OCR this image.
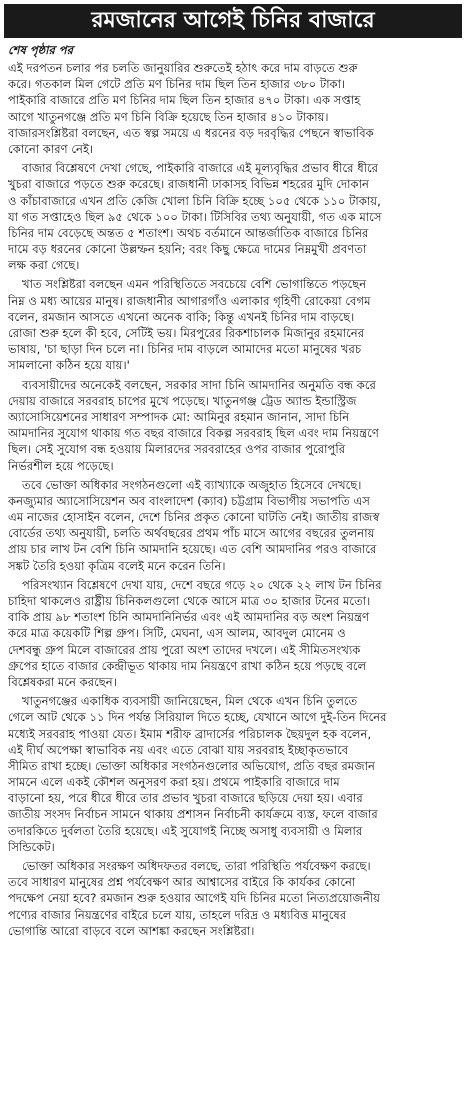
রমজানের আগেই চিনির বাজারে
শেষ পৃষ্ঠার পর
এই দরপতন চলার পর চলতি জানুয়ারির শুরুতেই হঠাৎ করে দাম বাড়তে শুরু
করে। গতকাল মিল গেটে প্রতি মণ চিনির দাম ছিল তিন হাজার ৩৮০ টাকা।
পাইকারি বাজারে প্রতি মণ চিনির দাম ছিল তিন হাজার ৪৭০ টাকা। এক সপ্তাহ
আগে খাতুনগঞ্জে প্রতি মণ চিনি বিক্রি হয়েছে তিন হাজার ৪১০ টাকায়।
বাজারসংশ্লিষ্টরা বলছেন, এত স্বল্প সময়ে এ ধরনের বড় দরবৃদ্ধির পেছনে স্বাভাবিক
কোনো কারণ নেই।
বাজার বিশ্লেষণে দেখা গেছে, পাইকারি বাজারে এই মূল্যবৃদ্ধির প্রভাব ধীরে ধীরে
খুচরা বাজারে পড়তে শুরু করেছে। রাজধানী ঢাকাসহ বিভিন্ন শহরের মুদি দোকান
ও কাঁচাবাজারে এখন প্রতি কেজি খোলা চিনি বিক্রি হচ্ছে ১০৫ থেকে ১১০ টাকায়,
যা গত সপ্তাহেও ছিল ৯৫ থেকে ১০০ টাকা। টিসিবির তথ্য অনুযায়ী, গত এক মাসে
চিনির দাম বেড়েছে অন্তত ৫ শতাংশ। অথচ বর্তমানে আন্তর্জাতিক বাজারে চিনির
দামে বড় ধরনের কোনো উল্লম্ফন হয়নি; বরং কিছু ক্ষেত্রে দামের নিম্নমুখী প্রবণতা
লক্ষ করা গেছে।
খাত সংশ্লিষ্টরা বলছেন এমন পরিস্থিতিতে সবচেয়ে বেশি ভোগান্তিতে পড়ছেন
নিম্ন ও মধ্য আয়ের মানুষ। রাজধানীর আগারগাঁও এলাকার গৃহিণী রোকেয়া বেগম
বলেন, রমজান আসতে এখনো অনেক বাকি; কিন্তু এখনই চিনির দাম বাড়ছে।
রোজা শুরু হলে কী হবে, সেটিই ভয়। মিরপুরের রিকশাচালক মিজানুর রহমানের
ভাষায়, 'চা ছাড়া দিন চলে না। চিনির দাম বাড়লে আমাদের মতো মানুষের খরচ
সামলানো কঠিন হয়ে যায়।'
ব্যবসায়ীদের অনেকেই বলছেন, সরকার সাদা চিনি আমদানির অনুমতি বন্ধ করে
দেয়ায় বাজারে সরবরাহ চাপের মুখে পড়েছে। খাতুনগঞ্জ ট্রেড অ্যান্ড ইন্ডাস্ট্রিজ
অ্যাসোসিয়েশনের সাধারণ সম্পাদক মো: আমিনুর রহমান জানান, সাদা চিনি
আমদানির সুযোগ থাকায় গত বছর বাজারে বিকল্প সরবরাহ ছিল এবং দাম নিয়ন্ত্রণে
ছিল। সেই সুযোগ বন্ধ হওয়ায় মিলারদের সরবরাহের ওপর বাজার পুরোপুরি
নির্ভরশীল হয়ে পড়েছে।
তবে ভোক্তা অধিকার সংগঠনগুলো এই ব্যাখ্যাকে অজুহাত হিসেবে দেখছে।
কনজ্যুমার অ্যাসোসিয়েশন অব বাংলাদেশ (ক্যাব) চট্টগ্রাম বিভাগীয় সভাপতি এস
এম নাজের হোসাইন বলেন, দেশে চিনির প্রকৃত কোনো ঘাটতি নেই। জাতীয় রাজস্ব
বোর্ডের তথ্য অনুযায়ী, চলতি অর্থবছরের প্রথম পাঁচ মাসে আগের বছরের তুলনায়
প্রায় চার লাখ টন বেশি চিনি আমদানি হয়েছে। এত বেশি আমদানির পরও বাজারে
সঙ্কট তৈরি হওয়া কৃত্রিম বলেই মনে করেন তিনি।
পরিসংখ্যান বিশ্লেষণে দেখা যায়, দেশে বছরে গড়ে ২০ থেকে ২২ লাখ টন চিনির
চাহিদা থাকলেও রাষ্ট্রীয় চিনিকলগুলো থেকে আসে মাত্র ৩০ হাজার টনের মতো।
বাকি প্রায় ৯৮ শতাংশ চিনি আমদানিনির্ভর এবং এই আমদানির বড় অংশ নিয়ন্ত্রণ
করে মাত্র কয়েকটি শিল্প গ্রুপ। সিটি, মেঘনা, এস আলম, আবদুল মোনেম ও
দেশবন্ধু গ্রুপ মিলে বাজারের প্রায় পুরো অংশ তাদের দখলে। এই সীমিতসংখ্যক
গ্রুপের হাতে বাজার কেন্দ্রীভূত থাকায় দাম নিয়ন্ত্রণে রাখা কঠিন হয়ে পড়ছে বলে
বিশ্লেষকরা মনে করছেন।
খাতুনগঞ্জের একাধিক ব্যবসায়ী জানিয়েছেন, মিল থেকে এখন চিনি তুলতে
গেলে আট থেকে ১১ দিন পর্যন্ত সিরিয়াল দিতে হচ্ছে, যেখানে আগে দুই-তিন দিনের
মধ্যেই সরবরাহ পাওয়া যেত। ইমাম শরীফ ব্রাদার্সের পরিচালক ছৈয়দুল হক বলেন,
এই দীর্ঘ অপেক্ষা স্বাভাবিক নয় এবং এতে বোঝা যায় সরবরাহ ইচ্ছাকৃতভাবে
সীমিত রাখা হচ্ছে। ভোক্তা অধিকার সংগঠনগুলোর অভিযোগ, প্রতি বছর রমজান
সামনে এলে একই কৌশল অনুসরণ করা হয়। প্রথমে পাইকারি বাজারে দাম
বাড়ানো হয়, পরে ধীরে ধীরে তার প্রভাব খুচরা বাজারে ছড়িয়ে দেয়া হয়। এবার
জাতীয় সংসদ নির্বাচন সামনে থাকায় প্রশাসন নির্বাচনী কার্যক্রমে ব্যস্ত, ফলে বাজার
তদারকিতে দুর্বলতা তৈরি হয়েছে। এই সুযোগই নিচ্ছে অসাধু ব্যবসায়ী ও মিলার
সিন্ডিকেট।
ভোক্তা অধিকার সংরক্ষণ অধিদফতর বলছে, তারা পরিস্থিতি পর্যবেক্ষণ করছে।
তবে সাধারণ মানুষের প্রশ্ন পর্যবেক্ষণ আর আশ্বাসের বাইরে কি কার্যকর কোনো
পদক্ষেপ নেয়া হবে? রমজান শুরু হওয়ার আগেই যদি চিনির মতো নিত্যপ্রয়োজনীয়
পণ্যের বাজার নিয়ন্ত্রণের বাইরে চলে যায়, তাহলে দরিদ্র ও মধ্যবিত্ত মানুষের
ভোগান্তি আরো বাড়বে বলে আশঙ্কা করছেন সংশ্লিষ্টরা।
